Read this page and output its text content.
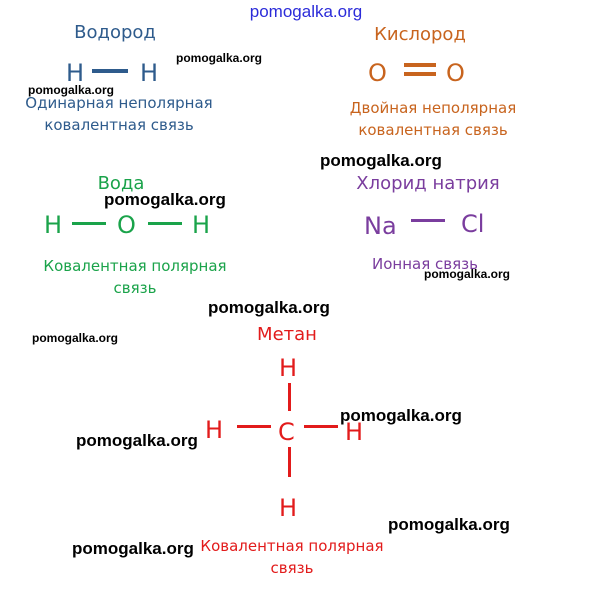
pomogalka.org
Водород
H H
Одинарная неполярная
ковалентная связь
Кислород
O O
Двойная неполярная
ковалентная связь
Вода
H O H
Ковалентная полярная
связь
Хлорид натрия
Na	Cl
Ионная связь
Метан
H
H C H
H
Ковалентная полярная
связь
pomogalka.org
pomogalka.org
pomogalka.org
pomogalka.org
pomogalka.org
pomogalka.org
pomogalka.org
pomogalka.org
pomogalka.org
pomogalka.org
pomogalka.org
